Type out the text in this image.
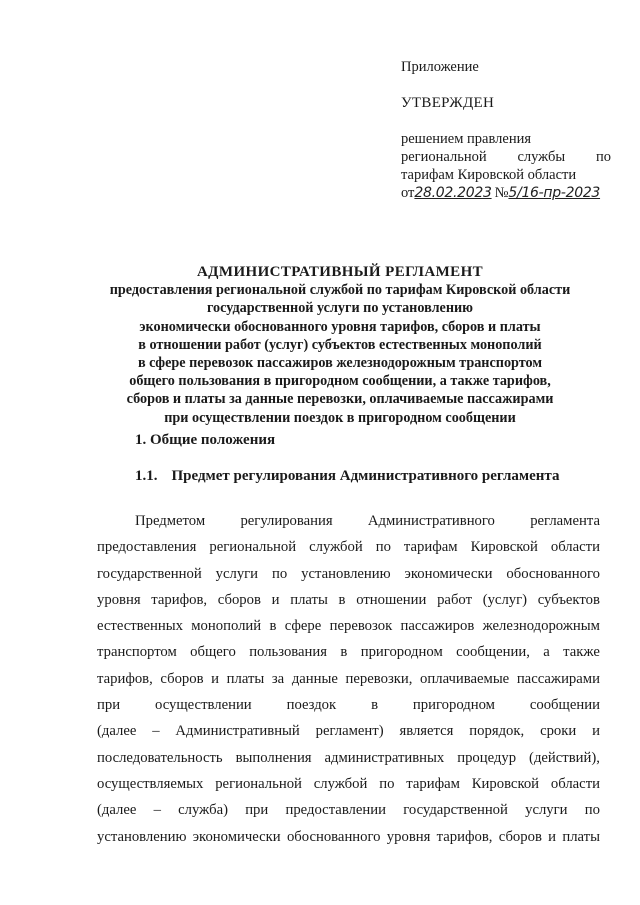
Приложение
УТВЕРЖДЕН
решением правления
региональной службы по
тарифам Кировской области
от 28.02.2023 № 5/16-пр-2023
АДМИНИСТРАТИВНЫЙ РЕГЛАМЕНТ
предоставления региональной службой по тарифам Кировской области
государственной услуги по установлению
экономически обоснованного уровня тарифов, сборов и платы
в отношении работ (услуг) субъектов естественных монополий
в сфере перевозок пассажиров железнодорожным транспортом
общего пользования в пригородном сообщении, а также тарифов,
сборов и платы за данные перевозки, оплачиваемые пассажирами
при осуществлении поездок в пригородном сообщении
1. Общие положения
1.1. Предмет регулирования Административного регламента
Предметом регулирования Административного регламента
предоставления региональной службой по тарифам Кировской области
государственной услуги по установлению экономически обоснованного
уровня тарифов, сборов и платы в отношении работ (услуг) субъектов
естественных монополий в сфере перевозок пассажиров железнодорожным
транспортом общего пользования в пригородном сообщении, а также
тарифов, сборов и платы за данные перевозки, оплачиваемые пассажирами
при осуществлении поездок в пригородном сообщении
(далее – Административный регламент) является порядок, сроки и
последовательность выполнения административных процедур (действий),
осуществляемых региональной службой по тарифам Кировской области
(далее – служба) при предоставлении государственной услуги по
установлению экономически обоснованного уровня тарифов, сборов и платы
